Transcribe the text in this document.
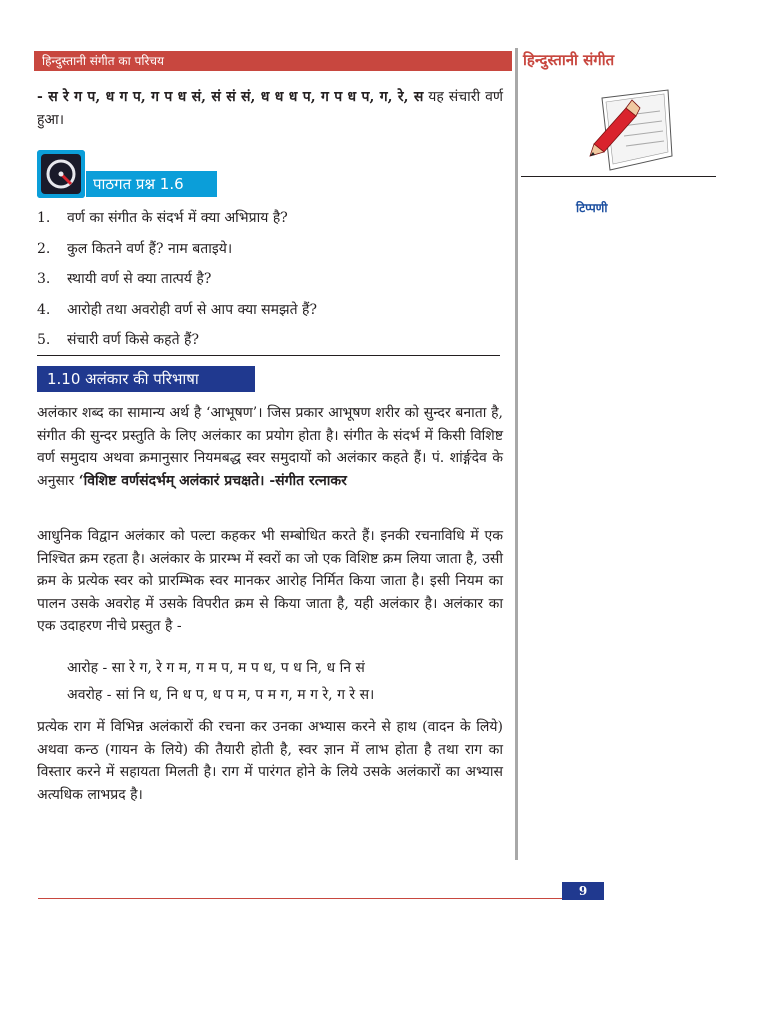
हिन्दुस्तानी संगीत का परिचय	हिन्दुस्तानी संगीत
टिप्पणी
- स रे ग प, ध ग प, ग प ध सं, सं सं सं, ध ध ध प, ग प ध प, ग, रे, स यह संचारी वर्ण हुआ।
पाठगत प्रश्न 1.6
1.	वर्ण का संगीत के संदर्भ में क्या अभिप्राय है?
2.	कुल कितने वर्ण हैं? नाम बताइये।
3.	स्थायी वर्ण से क्या तात्पर्य है?
4.	आरोही तथा अवरोही वर्ण से आप क्या समझते हैं?
5.	संचारी वर्ण किसे कहते हैं?
1.10 अलंकार की परिभाषा
अलंकार शब्द का सामान्य अर्थ है ‘आभूषण’। जिस प्रकार आभूषण शरीर को सुन्दर बनाता है, संगीत की सुन्दर प्रस्तुति के लिए अलंकार का प्रयोग होता है। संगीत के संदर्भ में किसी विशिष्ट वर्ण समुदाय अथवा क्रमानुसार नियमबद्ध स्वर समुदायों को अलंकार कहते हैं। पं. शांर्ङ्गदेव के अनुसार ‘विशिष्ट वर्णसंदर्भम् अलंकारं प्रचक्षते। -संगीत रत्नाकर
आधुनिक विद्वान अलंकार को पल्टा कहकर भी सम्बोधित करते हैं। इनकी रचनाविधि में एक निश्चित क्रम रहता है। अलंकार के प्रारम्भ में स्वरों का जो एक विशिष्ट क्रम लिया जाता है, उसी क्रम के प्रत्येक स्वर को प्रारम्भिक स्वर मानकर आरोह निर्मित किया जाता है। इसी नियम का पालन उसके अवरोह में उसके विपरीत क्रम से किया जाता है, यही अलंकार है। अलंकार का एक उदाहरण नीचे प्रस्तुत है -
आरोह - सा रे ग, रे ग म, ग म प, म प ध, प ध नि, ध नि सं
अवरोह - सां नि ध, नि ध प, ध प म, प म ग, म ग रे, ग रे स।
प्रत्येक राग में विभिन्न अलंकारों की रचना कर उनका अभ्यास करने से हाथ (वादन के लिये) अथवा कन्ठ (गायन के लिये) की तैयारी होती है, स्वर ज्ञान में लाभ होता है तथा राग का विस्तार करने में सहायता मिलती है। राग में पारंगत होने के लिये उसके अलंकारों का अभ्यास अत्यधिक लाभप्रद है।
9
